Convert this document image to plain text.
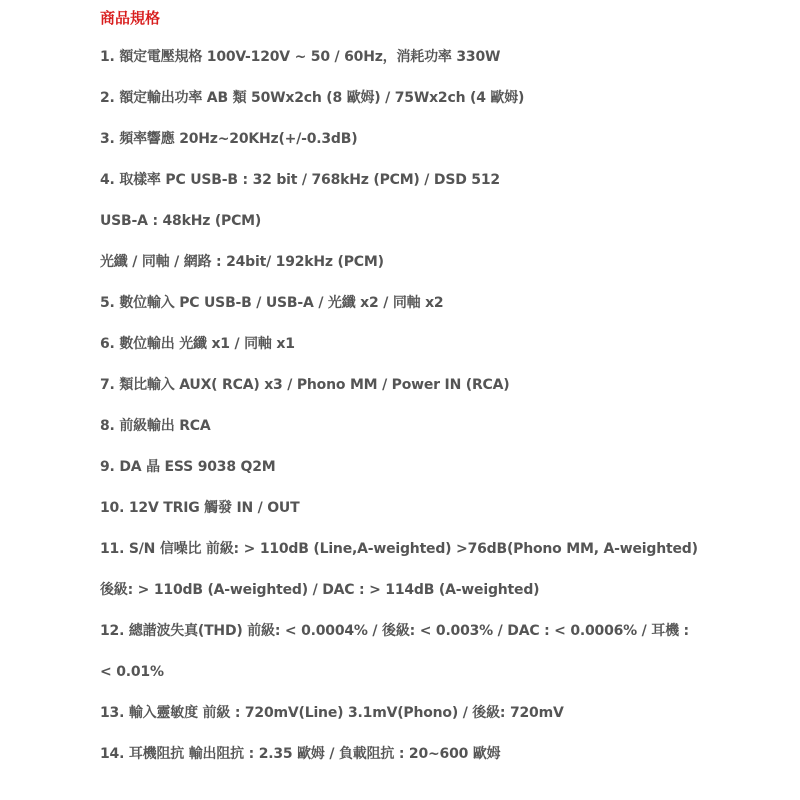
商品規格
1. 額定電壓規格 100V-120V ~ 50 / 60Hz，消耗功率 330W
2. 額定輸出功率 AB 類 50Wx2ch (8 歐姆) / 75Wx2ch (4 歐姆)
3. 頻率響應 20Hz~20KHz(+/-0.3dB)
4. 取樣率 PC USB-B : 32 bit / 768kHz (PCM) / DSD 512
USB-A : 48kHz (PCM)
光纖 / 同軸 / 網路 : 24bit/ 192kHz (PCM)
5. 數位輸入 PC USB-B / USB-A / 光纖 x2 / 同軸 x2
6. 數位輸出 光纖 x1 / 同軸 x1
7. 類比輸入 AUX( RCA) x3 / Phono MM / Power IN (RCA)
8. 前級輸出 RCA
9. DA 晶 ESS 9038 Q2M
10. 12V TRIG 觸發 IN / OUT
11. S/N 信噪比 前級: > 110dB (Line,A-weighted) >76dB(Phono MM, A-weighted)
後級: > 110dB (A-weighted) / DAC : > 114dB (A-weighted)
12. 總諧波失真(THD) 前級: < 0.0004% / 後級: < 0.003% / DAC : < 0.0006% / 耳機 :
< 0.01%
13. 輸入靈敏度 前級 : 720mV(Line) 3.1mV(Phono) / 後級: 720mV
14. 耳機阻抗 輸出阻抗 : 2.35 歐姆 / 負載阻抗 : 20~600 歐姆
